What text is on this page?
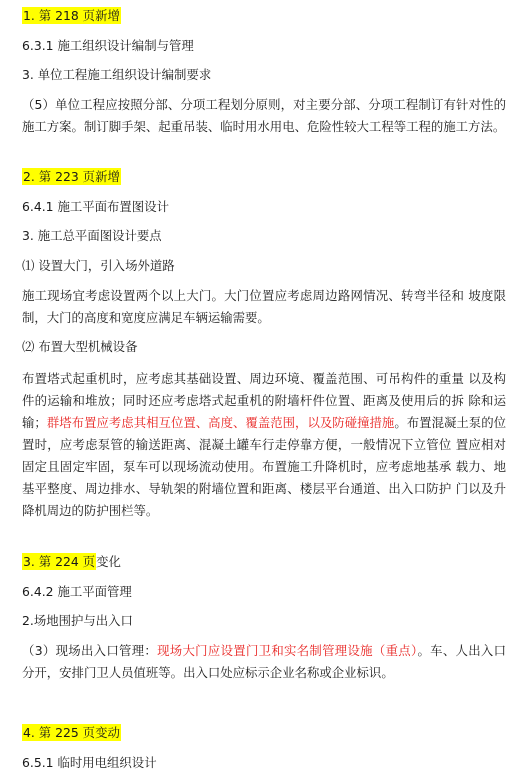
1. 第 218 页新增
6.3.1 施工组织设计编制与管理
3. 单位工程施工组织设计编制要求
（5）单位工程应按照分部、分项工程划分原则，对主要分部、分项工程制订有针对性的施工方案。制订脚手架、起重吊装、临时用水用电、危险性较大工程等工程的施工方法。
2. 第 223 页新增
6.4.1 施工平面布置图设计
3. 施工总平面图设计要点
⑴ 设置大门，引入场外道路
施工现场宜考虑设置两个以上大门。大门位置应考虑周边路网情况、转弯半径和 坡度限制，大门的高度和宽度应满足车辆运输需要。
⑵ 布置大型机械设备
布置塔式起重机时，应考虑其基础设置、周边环境、覆盖范围、可吊构件的重量 以及构件的运输和堆放；同时还应考虑塔式起重机的附墙杆件位置、距离及使用后的拆 除和运输；群塔布置应考虑其相互位置、高度、覆盖范围，以及防碰撞措施。布置混凝土泵的位置时，应考虑泵管的输送距离、混凝土罐车行走停靠方便，一般情况下立管位 置应相对固定且固定牢固，泵车可以现场流动使用。布置施工升降机时，应考虑地基承 载力、地基平整度、周边排水、导轨架的附墙位置和距离、楼层平台通道、出入口防护 门以及升降机周边的防护围栏等。
3. 第 224 页变化
6.4.2 施工平面管理
2.场地围护与出入口
（3）现场出入口管理：现场大门应设置门卫和实名制管理设施（重点）。车、人出入口分开，安排门卫人员值班等。出入口处应标示企业名称或企业标识。
4. 第 225 页变动
6.5.1 临时用电组织设计
